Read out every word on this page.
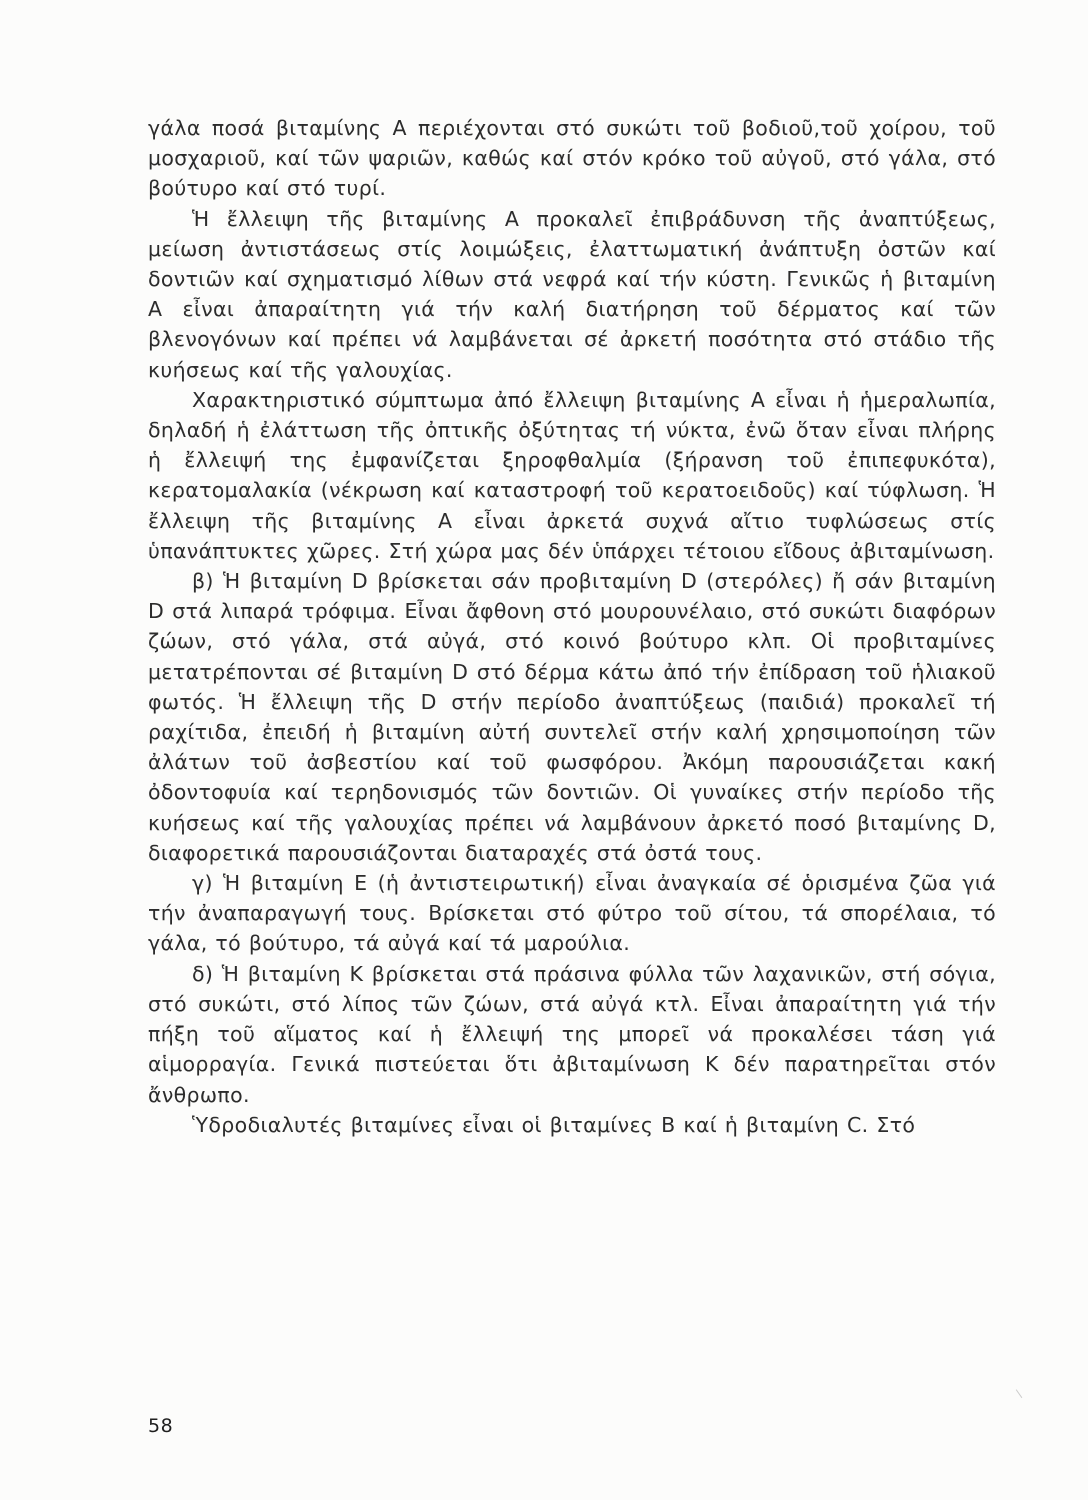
γάλα ποσά βιταμίνης Α περιέχονται στό συκώτι τοῦ βοδιοῦ,τοῦ χοίρου, τοῦ μοσχαριοῦ, καί τῶν ψαριῶν, καθώς καί στόν κρόκο τοῦ αὐγοῦ, στό γάλα, στό βούτυρο καί στό τυρί.

Ἡ ἔλλειψη τῆς βιταμίνης Α προκαλεῖ ἐπιβράδυνση τῆς ἀναπτύξεως, μείωση ἀντιστάσεως στίς λοιμώξεις, ἐλαττωματική ἀνάπτυξη ὀστῶν καί δοντιῶν καί σχηματισμό λίθων στά νεφρά καί τήν κύστη. Γενικῶς ἡ βιταμίνη Α εἶναι ἀπαραίτητη γιά τήν καλή διατήρηση τοῦ δέρματος καί τῶν βλενογόνων καί πρέπει νά λαμβάνεται σέ ἀρκετή ποσότητα στό στάδιο τῆς κυήσεως καί τῆς γαλουχίας.

Χαρακτηριστικό σύμπτωμα ἀπό ἔλλειψη βιταμίνης Α εἶναι ἡ ἡμεραλωπία, δηλαδή ἡ ἐλάττωση τῆς ὀπτικῆς ὀξύτητας τή νύκτα, ἐνῶ ὅταν εἶναι πλήρης ἡ ἔλλειψή της ἐμφανίζεται ξηροφθαλμία (ξήρανση τοῦ ἐπιπεφυκότα), κερατομαλακία (νέκρωση καί καταστροφή τοῦ κερατοειδοῦς) καί τύφλωση. Ἡ ἔλλειψη τῆς βιταμίνης Α εἶναι ἀρκετά συχνά αἴτιο τυφλώσεως στίς ὑπανάπτυκτες χῶρες. Στή χώρα μας δέν ὑπάρχει τέτοιου εἴδους ἀβιταμίνωση.

β) Ἡ βιταμίνη D βρίσκεται σάν προβιταμίνη D (στερόλες) ἤ σάν βιταμίνη D στά λιπαρά τρόφιμα. Εἶναι ἄφθονη στό μουρουνέλαιο, στό συκώτι διαφόρων ζώων, στό γάλα, στά αὐγά, στό κοινό βούτυρο κλπ. Οἱ προβιταμίνες μετατρέπονται σέ βιταμίνη D στό δέρμα κάτω ἀπό τήν ἐπίδραση τοῦ ἡλιακοῦ φωτός. Ἡ ἔλλειψη τῆς D στήν περίοδο ἀναπτύξεως (παιδιά) προκαλεῖ τή ραχίτιδα, ἐπειδή ἡ βιταμίνη αὐτή συντελεῖ στήν καλή χρησιμοποίηση τῶν ἀλάτων τοῦ ἀσβεστίου καί τοῦ φωσφόρου. Ἀκόμη παρουσιάζεται κακή ὀδοντοφυία καί τερηδονισμός τῶν δοντιῶν. Οἱ γυναίκες στήν περίοδο τῆς κυήσεως καί τῆς γαλουχίας πρέπει νά λαμβάνουν ἀρκετό ποσό βιταμίνης D, διαφορετικά παρουσιάζονται διαταραχές στά ὀστά τους.

γ) Ἡ βιταμίνη Ε (ἡ ἀντιστειρωτική) εἶναι ἀναγκαία σέ ὁρισμένα ζῶα γιά τήν ἀναπαραγωγή τους. Βρίσκεται στό φύτρο τοῦ σίτου, τά σπορέλαια, τό γάλα, τό βούτυρο, τά αὐγά καί τά μαρούλια.

δ) Ἡ βιταμίνη Κ βρίσκεται στά πράσινα φύλλα τῶν λαχανικῶν, στή σόγια, στό συκώτι, στό λίπος τῶν ζώων, στά αὐγά κτλ. Εἶναι ἀπαραίτητη γιά τήν πήξη τοῦ αἵματος καί ἡ ἔλλειψή της μπορεῖ νά προκαλέσει τάση γιά αἱμορραγία. Γενικά πιστεύεται ὅτι ἀβιταμίνωση Κ δέν παρατηρεῖται στόν ἄνθρωπο.

Ὑδροδιαλυτές βιταμίνες εἶναι οἱ βιταμίνες Β καί ἡ βιταμίνη C. Στό

58
